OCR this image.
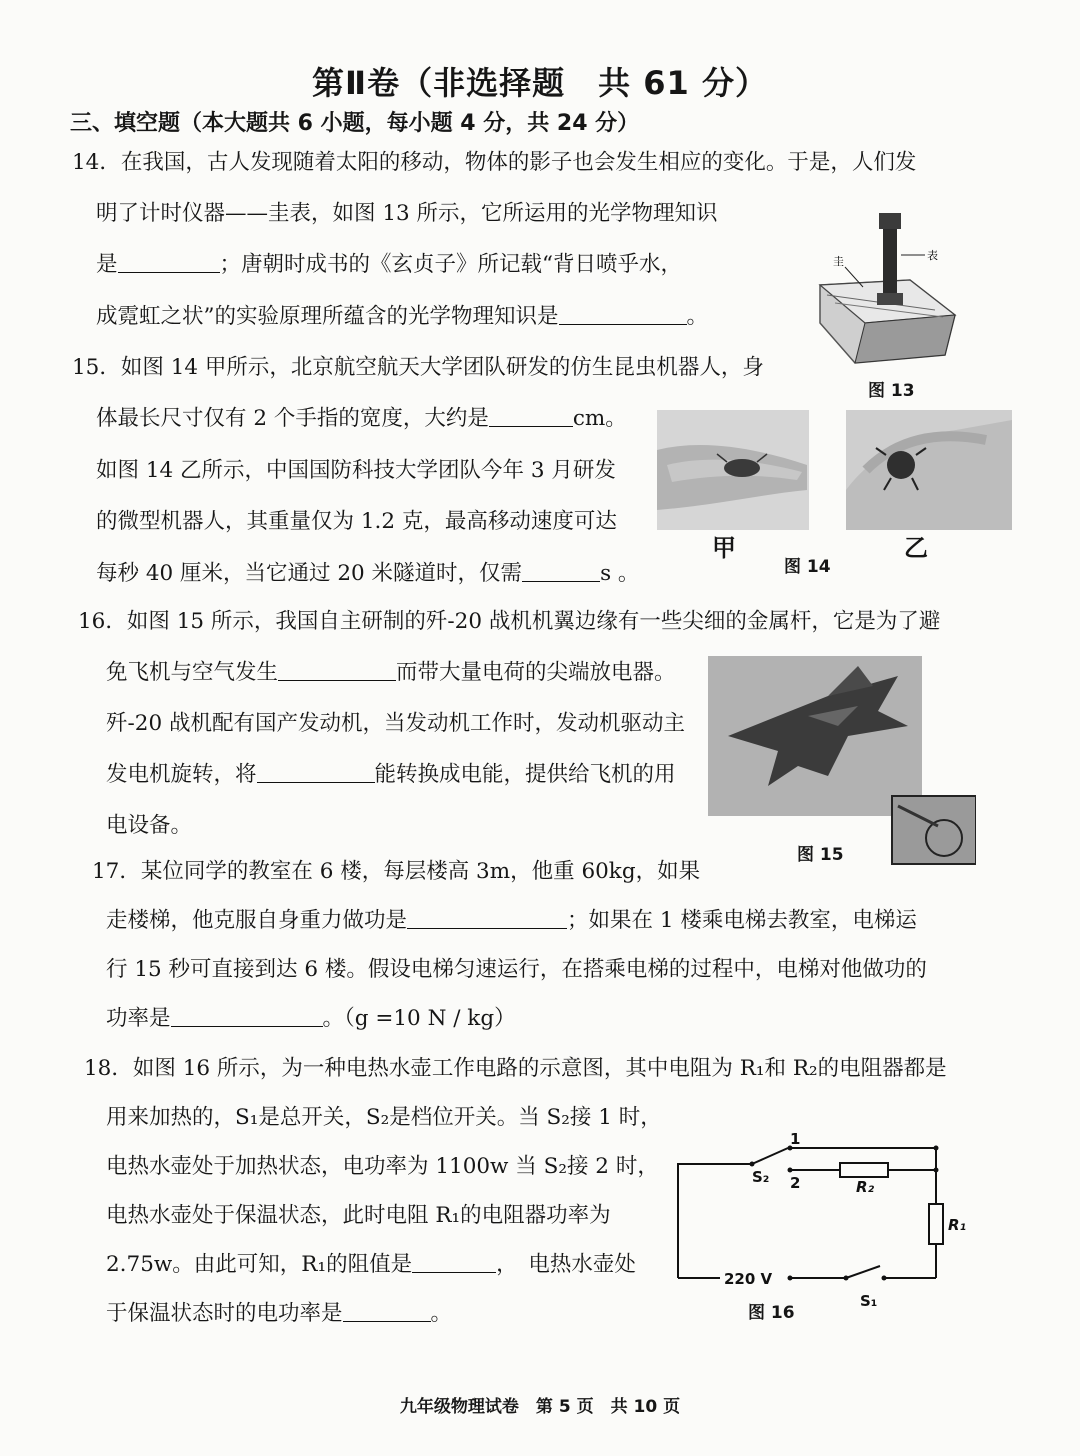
第Ⅱ卷（非选择题　共 61 分）
三、填空题（本大题共 6 小题，每小题 4 分，共 24 分）
14．在我国，古人发现随着太阳的移动，物体的影子也会发生相应的变化。于是，人们发
明了计时仪器——圭表，如图 13 所示，它所运用的光学物理知识
是	；唐朝时成书的《玄贞子》所记载“背日喷乎水，
成霓虹之状”的实验原理所蕴含的光学物理知识是	。
表
圭
图 13
15．如图 14 甲所示，北京航空航天大学团队研发的仿生昆虫机器人，身
体最长尺寸仅有 2 个手指的宽度，大约是	cm。
如图 14 乙所示，中国国防科技大学团队今年 3 月研发
的微型机器人，其重量仅为 1.2 克，最高移动速度可达
每秒 40 厘米，当它通过 20 米隧道时，仅需	s 。
甲	乙
图 14
16．如图 15 所示，我国自主研制的歼-20 战机机翼边缘有一些尖细的金属杆，它是为了避
免飞机与空气发生	而带大量电荷的尖端放电器。
歼-20 战机配有国产发动机，当发动机工作时，发动机驱动主
发电机旋转，将	能转换成电能，提供给飞机的用
电设备。
图 15
17．某位同学的教室在 6 楼，每层楼高 3m，他重 60kg，如果
走楼梯，他克服自身重力做功是	；如果在 1 楼乘电梯去教室，电梯运
行 15 秒可直接到达 6 楼。假设电梯匀速运行，在搭乘电梯的过程中，电梯对他做功的
功率是	。（g =10 N / kg）
18．如图 16 所示，为一种电热水壶工作电路的示意图，其中电阻为 R₁和 R₂的电阻器都是
用来加热的，S₁是总开关，S₂是档位开关。当 S₂接 1 时，
电热水壶处于加热状态，电功率为 1100w 当 S₂接 2 时，
电热水壶处于保温状态，此时电阻 R₁的电阻器功率为
2.75w。由此可知，R₁的阻值是	，　电热水壶处
于保温状态时的电功率是	。
1
2
S₂
R₂
R₁
220 V
S₁
图 16
九年级物理试卷　第 5 页　共 10 页
